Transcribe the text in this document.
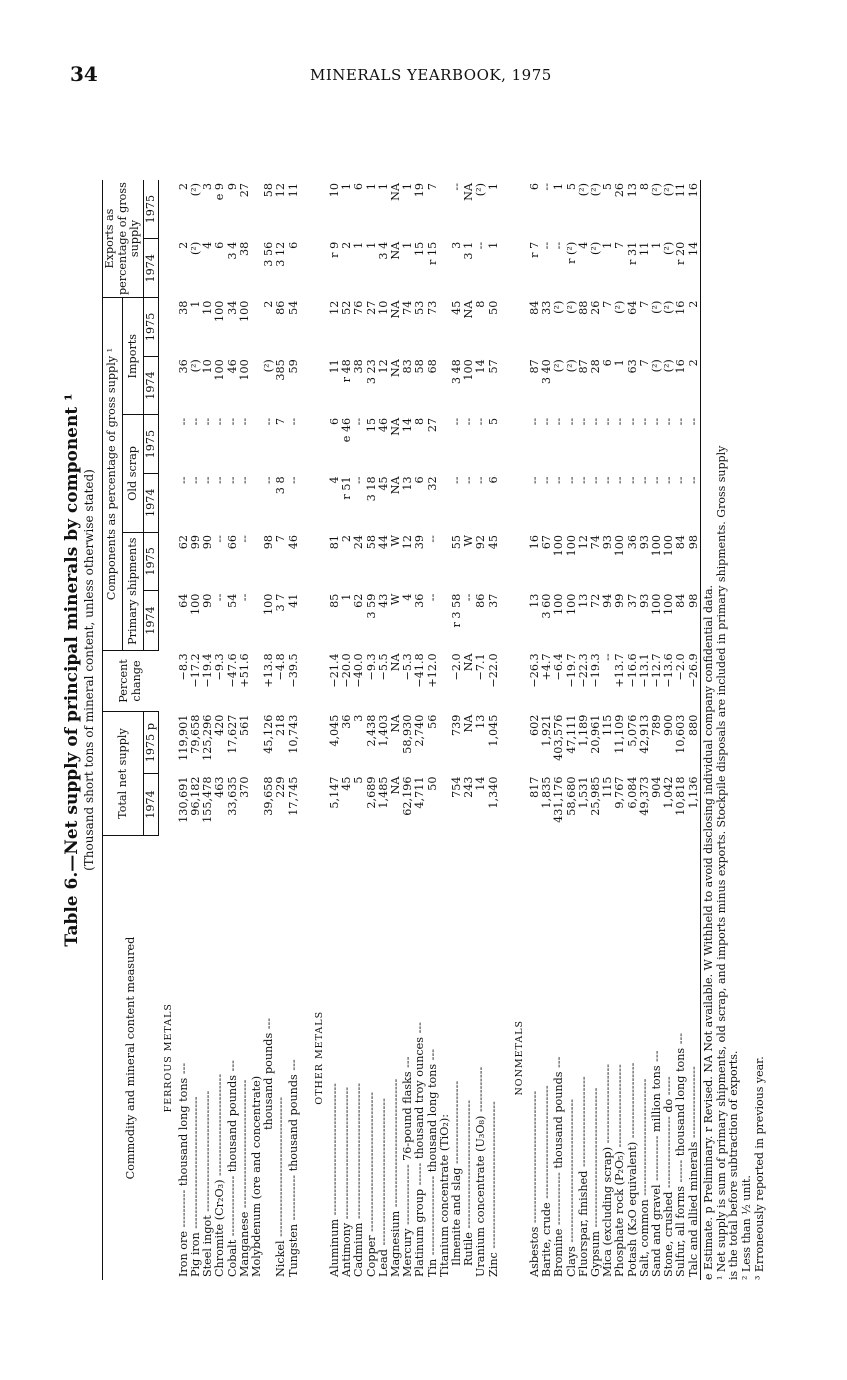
34	MINERALS YEARBOOK, 1975
Table 6.—Net supply of principal minerals by component ¹ (Thousand short tons of mineral content, unless otherwise stated)
Commodity and mineral content measured	Total net supply		Percent change	Components as percentage of gross supply ¹						Exports as percentage of gross supply	
				Primary shipments		Old scrap		Imports			
	1974	1975 p		1974	1975	1974	1975	1974	1975	1974	1975
FERROUS METALS											
Iron ore ---------- thousand long tons ---	130,691	119,901	−8.3	64	62	--	--	36	38	2	2
Pig iron -----------------------------------	96,182	79,658	−17.2	100	99	--	--	(²)	1	(²)	(²)
Steel ingot --------------------------------	155,478	125,296	−19.4	90	90	--	--	10	10	4	3
Chromite (Cr₂O₃) ---------------------------	463	420	−9.3	--	--	--	--	100	100	6	e 9
Cobalt ---------------- thousand pounds ---	33,635	17,627	−47.6	54	66	--	--	46	34	3 4	9
Manganese ----------------------------------	370	561	+51.6	--	--	--	--	100	100	38	27
Molybdenum (ore and concentrate)											
thousand pounds ---	39,658	45,126	+13.8	100	98	--	--	(²)	2	3 56	58
Nickel -------------------------------------	229	218	−4.8	3 7	7	3 8	7	385	86	3 12	12
Tungsten ------------ thousand pounds ---	17,745	10,743	−39.5	41	46	--	--	59	54	6	11

OTHER METALS											
Aluminum -----------------------------------	5,147	4,045	−21.4	85	81	4	6	11	12	r 9	10
Antimony -----------------------------------	45	36	−20.0	1	2	r 51	e 46	r 48	52	2	1
Cadmium ------------------------------------	5	3	−40.0	62	24	--	--	38	76	1	6
Copper -------------------------------------	2,689	2,438	−9.3	3 59	58	3 18	15	3 23	27	1	1
Lead ---------------------------------------	1,485	1,403	−5.5	43	44	45	46	12	10	3 4	1
Magnesium ----------------------------------	NA	NA	NA	W	W	NA	NA	NA	NA	NA	NA
Mercury ---------------- 76-pound flasks ---	62,196	58,930	−5.3	4	12	13	14	83	74	1	1
Platinum group ------ thousand troy ounces ---	4,711	2,740	−41.8	36	39	6	8	58	53	15	19
Tin --------------------- thousand long tons ---	50	56	+12.0	--	--	32	27	68	73	r 15	7
Titanium concentrate (TiO₂):											
Ilmenite and slag ----------------------	754	739	−2.0	r 3 58	55	--	--	3 48	45	3	--
Rutile ----------------------------------	243	NA	NA	--	W	--	--	100	NA	3 1	NA
Uranium concentrate (U₃O₈) ------------	14	13	−7.1	86	92	--	--	14	8	--	(²)
Zinc ---------------------------------------	1,340	1,045	−22.0	37	45	6	5	57	50	1	1

NONMETALS											
Asbestos -----------------------------------	817	602	−26.3	13	16	--	--	87	84	r 7	6
Barite, crude ------------------------------	1,835	1,921	+4.7	3 60	67	--	--	3 40	33	--	--
Bromine -------------- thousand pounds ---	431,176	403,576	−6.4	100	100	--	--	(²)	(²)	--	1
Clays --------------------------------------	58,680	47,111	−19.7	100	100	--	--	(²)	(²)	r (²)	5
Fluorspar, finished ------------------------	1,531	1,189	−22.3	13	12	--	--	87	88	4	(²)
Gypsum -------------------------------------	25,985	20,961	−19.3	72	74	--	--	28	26	(²)	(²)
Mica (excluding scrap) ---------------------	115	115	--	94	93	--	--	6	7	1	5
Phosphate rock (P₂O₅) ----------------------	9,767	11,109	+13.7	99	100	--	--	1	(²)	7	26
Potash (K₂O equivalent) --------------------	6,084	5,076	−16.6	37	36	--	--	63	64	r 31	13
Salt, common -------------------------------	49,373	42,913	−13.1	93	93	--	--	7	7	11	8
Sand and gravel ------------ million tons ---	904	789	−12.7	100	100	--	--	(²)	(²)	1	(²)
Stone, crushed ------------------- do -----	1,042	900	−13.6	100	100	--	--	(²)	(²)	(²)	(²)
Sulfur, all forms ------ thousand long tons ---	10,818	10,603	−2.0	84	84	--	--	16	16	r 20	11
Talc and allied minerals -------------------	1,136	880	−26.9	98	98	--	--	2	2	14	16
e Estimate. p Preliminary. r Revised. NA Not available. W Withheld to avoid disclosing individual company confidential data. ¹ Net supply is sum of primary shipments, old scrap, and imports minus exports. Stockpile disposals are included in primary shipments. Gross supply is the total before subtraction of exports. ² Less than ½ unit. ³ Erroneously reported in previous year.
